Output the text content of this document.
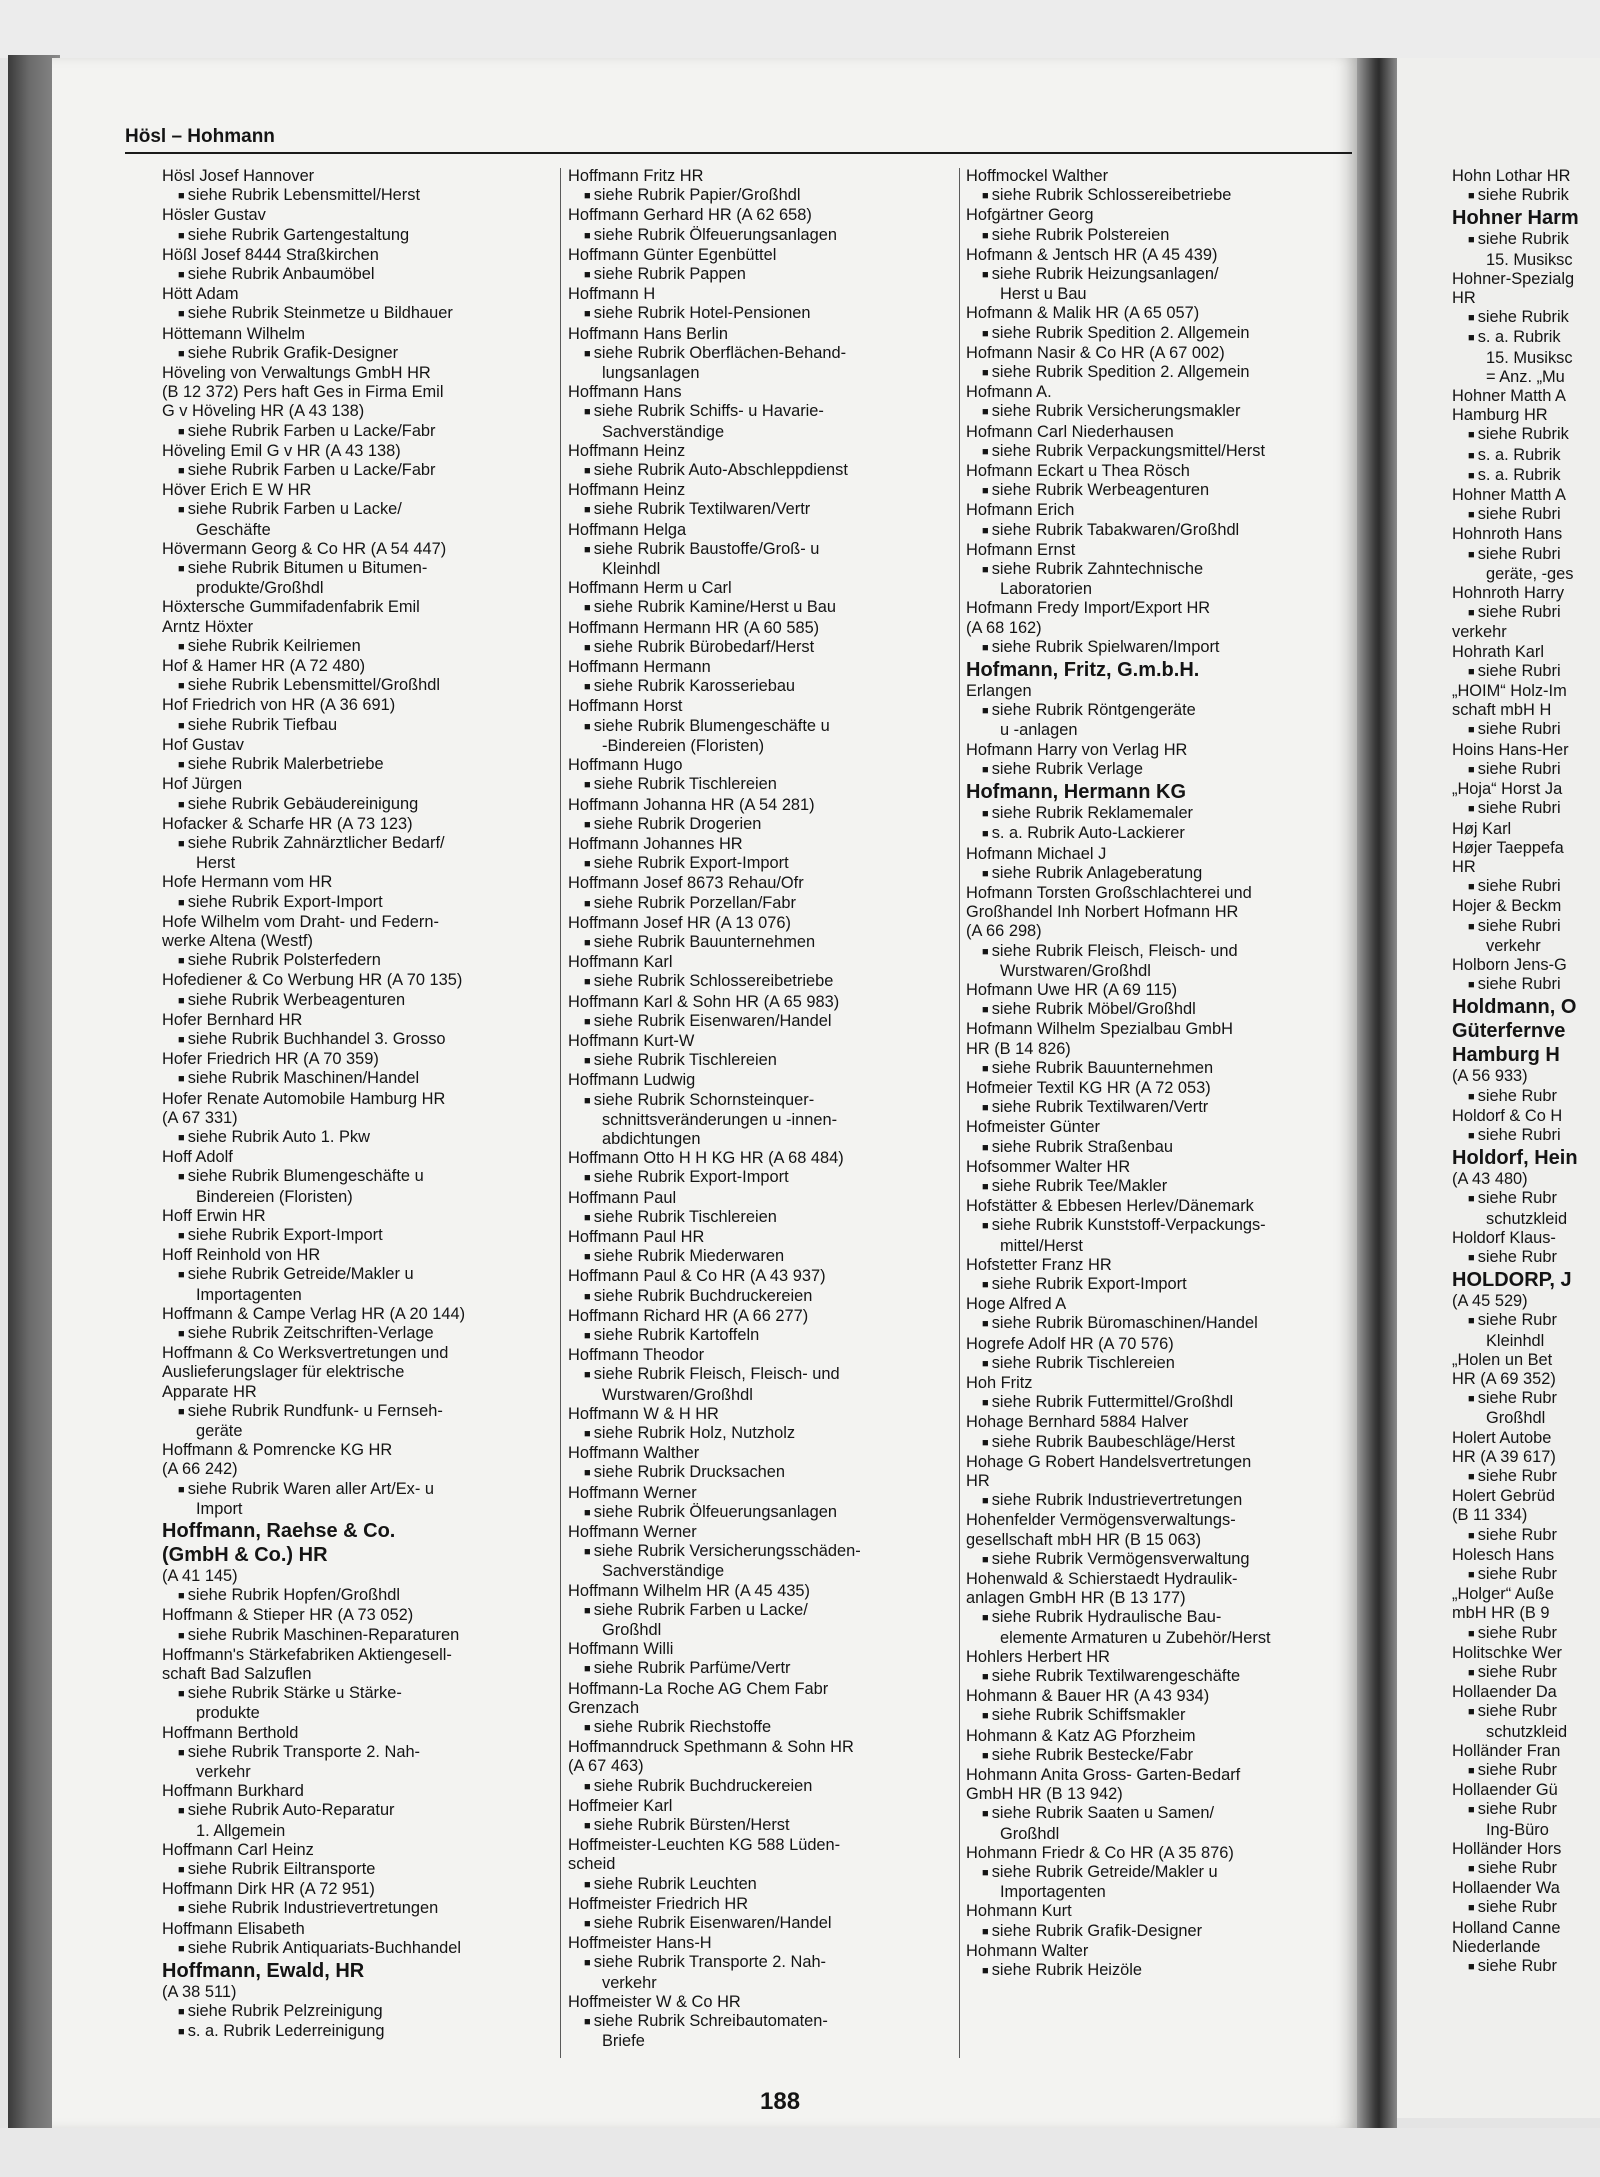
Hösl – Hohmann
Hösl Josef Hannover
■ siehe Rubrik Lebensmittel/Herst
Hösler Gustav
■ siehe Rubrik Gartengestaltung
Hößl Josef 8444 Straßkirchen
■ siehe Rubrik Anbaumöbel
Hött Adam
■ siehe Rubrik Steinmetze u Bildhauer
Höttemann Wilhelm
■ siehe Rubrik Grafik-Designer
Höveling von Verwaltungs GmbH HR
(B 12 372) Pers haft Ges in Firma Emil
G v Höveling HR (A 43 138)
■ siehe Rubrik Farben u Lacke/Fabr
Höveling Emil G v HR (A 43 138)
■ siehe Rubrik Farben u Lacke/Fabr
Höver Erich E W HR
■ siehe Rubrik Farben u Lacke/
Geschäfte
Hövermann Georg & Co HR (A 54 447)
■ siehe Rubrik Bitumen u Bitumen-
produkte/Großhdl
Höxtersche Gummifadenfabrik Emil
Arntz Höxter
■ siehe Rubrik Keilriemen
Hof & Hamer HR (A 72 480)
■ siehe Rubrik Lebensmittel/Großhdl
Hof Friedrich von HR (A 36 691)
■ siehe Rubrik Tiefbau
Hof Gustav
■ siehe Rubrik Malerbetriebe
Hof Jürgen
■ siehe Rubrik Gebäudereinigung
Hofacker & Scharfe HR (A 73 123)
■ siehe Rubrik Zahnärztlicher Bedarf/
Herst
Hofe Hermann vom HR
■ siehe Rubrik Export-Import
Hofe Wilhelm vom Draht- und Federn-
werke Altena (Westf)
■ siehe Rubrik Polsterfedern
Hofediener & Co Werbung HR (A 70 135)
■ siehe Rubrik Werbeagenturen
Hofer Bernhard HR
■ siehe Rubrik Buchhandel 3. Grosso
Hofer Friedrich HR (A 70 359)
■ siehe Rubrik Maschinen/Handel
Hofer Renate Automobile Hamburg HR
(A 67 331)
■ siehe Rubrik Auto 1. Pkw
Hoff Adolf
■ siehe Rubrik Blumengeschäfte u
Bindereien (Floristen)
Hoff Erwin HR
■ siehe Rubrik Export-Import
Hoff Reinhold von HR
■ siehe Rubrik Getreide/Makler u
Importagenten
Hoffmann & Campe Verlag HR (A 20 144)
■ siehe Rubrik Zeitschriften-Verlage
Hoffmann & Co Werksvertretungen und
Auslieferungslager für elektrische
Apparate HR
■ siehe Rubrik Rundfunk- u Fernseh-
geräte
Hoffmann & Pomrencke KG HR
(A 66 242)
■ siehe Rubrik Waren aller Art/Ex- u
Import
Hoffmann, Raehse & Co.
(GmbH & Co.) HR
(A 41 145)
■ siehe Rubrik Hopfen/Großhdl
Hoffmann & Stieper HR (A 73 052)
■ siehe Rubrik Maschinen-Reparaturen
Hoffmann's Stärkefabriken Aktiengesell-
schaft Bad Salzuflen
■ siehe Rubrik Stärke u Stärke-
produkte
Hoffmann Berthold
■ siehe Rubrik Transporte 2. Nah-
verkehr
Hoffmann Burkhard
■ siehe Rubrik Auto-Reparatur
1. Allgemein
Hoffmann Carl Heinz
■ siehe Rubrik Eiltransporte
Hoffmann Dirk HR (A 72 951)
■ siehe Rubrik Industrievertretungen
Hoffmann Elisabeth
■ siehe Rubrik Antiquariats-Buchhandel
Hoffmann, Ewald, HR
(A 38 511)
■ siehe Rubrik Pelzreinigung
■ s. a. Rubrik Lederreinigung
Hoffmann Fritz HR
■ siehe Rubrik Papier/Großhdl
Hoffmann Gerhard HR (A 62 658)
■ siehe Rubrik Ölfeuerungsanlagen
Hoffmann Günter Egenbüttel
■ siehe Rubrik Pappen
Hoffmann H
■ siehe Rubrik Hotel-Pensionen
Hoffmann Hans Berlin
■ siehe Rubrik Oberflächen-Behand-
lungsanlagen
Hoffmann Hans
■ siehe Rubrik Schiffs- u Havarie-
Sachverständige
Hoffmann Heinz
■ siehe Rubrik Auto-Abschleppdienst
Hoffmann Heinz
■ siehe Rubrik Textilwaren/Vertr
Hoffmann Helga
■ siehe Rubrik Baustoffe/Groß- u
Kleinhdl
Hoffmann Herm u Carl
■ siehe Rubrik Kamine/Herst u Bau
Hoffmann Hermann HR (A 60 585)
■ siehe Rubrik Bürobedarf/Herst
Hoffmann Hermann
■ siehe Rubrik Karosseriebau
Hoffmann Horst
■ siehe Rubrik Blumengeschäfte u
-Bindereien (Floristen)
Hoffmann Hugo
■ siehe Rubrik Tischlereien
Hoffmann Johanna HR (A 54 281)
■ siehe Rubrik Drogerien
Hoffmann Johannes HR
■ siehe Rubrik Export-Import
Hoffmann Josef 8673 Rehau/Ofr
■ siehe Rubrik Porzellan/Fabr
Hoffmann Josef HR (A 13 076)
■ siehe Rubrik Bauunternehmen
Hoffmann Karl
■ siehe Rubrik Schlossereibetriebe
Hoffmann Karl & Sohn HR (A 65 983)
■ siehe Rubrik Eisenwaren/Handel
Hoffmann Kurt-W
■ siehe Rubrik Tischlereien
Hoffmann Ludwig
■ siehe Rubrik Schornsteinquer-
schnittsveränderungen u -innen-
abdichtungen
Hoffmann Otto H H KG HR (A 68 484)
■ siehe Rubrik Export-Import
Hoffmann Paul
■ siehe Rubrik Tischlereien
Hoffmann Paul HR
■ siehe Rubrik Miederwaren
Hoffmann Paul & Co HR (A 43 937)
■ siehe Rubrik Buchdruckereien
Hoffmann Richard HR (A 66 277)
■ siehe Rubrik Kartoffeln
Hoffmann Theodor
■ siehe Rubrik Fleisch, Fleisch- und
Wurstwaren/Großhdl
Hoffmann W & H HR
■ siehe Rubrik Holz, Nutzholz
Hoffmann Walther
■ siehe Rubrik Drucksachen
Hoffmann Werner
■ siehe Rubrik Ölfeuerungsanlagen
Hoffmann Werner
■ siehe Rubrik Versicherungsschäden-
Sachverständige
Hoffmann Wilhelm HR (A 45 435)
■ siehe Rubrik Farben u Lacke/
Großhdl
Hoffmann Willi
■ siehe Rubrik Parfüme/Vertr
Hoffmann-La Roche AG Chem Fabr
Grenzach
■ siehe Rubrik Riechstoffe
Hoffmanndruck Spethmann & Sohn HR
(A 67 463)
■ siehe Rubrik Buchdruckereien
Hoffmeier Karl
■ siehe Rubrik Bürsten/Herst
Hoffmeister-Leuchten KG 588 Lüden-
scheid
■ siehe Rubrik Leuchten
Hoffmeister Friedrich HR
■ siehe Rubrik Eisenwaren/Handel
Hoffmeister Hans-H
■ siehe Rubrik Transporte 2. Nah-
verkehr
Hoffmeister W & Co HR
■ siehe Rubrik Schreibautomaten-
Briefe
Hoffmockel Walther
■ siehe Rubrik Schlossereibetriebe
Hofgärtner Georg
■ siehe Rubrik Polstereien
Hofmann & Jentsch HR (A 45 439)
■ siehe Rubrik Heizungsanlagen/
Herst u Bau
Hofmann & Malik HR (A 65 057)
■ siehe Rubrik Spedition 2. Allgemein
Hofmann Nasir & Co HR (A 67 002)
■ siehe Rubrik Spedition 2. Allgemein
Hofmann A.
■ siehe Rubrik Versicherungsmakler
Hofmann Carl Niederhausen
■ siehe Rubrik Verpackungsmittel/Herst
Hofmann Eckart u Thea Rösch
■ siehe Rubrik Werbeagenturen
Hofmann Erich
■ siehe Rubrik Tabakwaren/Großhdl
Hofmann Ernst
■ siehe Rubrik Zahntechnische
Laboratorien
Hofmann Fredy Import/Export HR
(A 68 162)
■ siehe Rubrik Spielwaren/Import
Hofmann, Fritz, G.m.b.H.
Erlangen
■ siehe Rubrik Röntgengeräte
u -anlagen
Hofmann Harry von Verlag HR
■ siehe Rubrik Verlage
Hofmann, Hermann KG
■ siehe Rubrik Reklamemaler
■ s. a. Rubrik Auto-Lackierer
Hofmann Michael J
■ siehe Rubrik Anlageberatung
Hofmann Torsten Großschlachterei und
Großhandel Inh Norbert Hofmann HR
(A 66 298)
■ siehe Rubrik Fleisch, Fleisch- und
Wurstwaren/Großhdl
Hofmann Uwe HR (A 69 115)
■ siehe Rubrik Möbel/Großhdl
Hofmann Wilhelm Spezialbau GmbH
HR (B 14 826)
■ siehe Rubrik Bauunternehmen
Hofmeier Textil KG HR (A 72 053)
■ siehe Rubrik Textilwaren/Vertr
Hofmeister Günter
■ siehe Rubrik Straßenbau
Hofsommer Walter HR
■ siehe Rubrik Tee/Makler
Hofstätter & Ebbesen Herlev/Dänemark
■ siehe Rubrik Kunststoff-Verpackungs-
mittel/Herst
Hofstetter Franz HR
■ siehe Rubrik Export-Import
Hoge Alfred A
■ siehe Rubrik Büromaschinen/Handel
Hogrefe Adolf HR (A 70 576)
■ siehe Rubrik Tischlereien
Hoh Fritz
■ siehe Rubrik Futtermittel/Großhdl
Hohage Bernhard 5884 Halver
■ siehe Rubrik Baubeschläge/Herst
Hohage G Robert Handelsvertretungen
HR
■ siehe Rubrik Industrievertretungen
Hohenfelder Vermögensverwaltungs-
gesellschaft mbH HR (B 15 063)
■ siehe Rubrik Vermögensverwaltung
Hohenwald & Schierstaedt Hydraulik-
anlagen GmbH HR (B 13 177)
■ siehe Rubrik Hydraulische Bau-
elemente Armaturen u Zubehör/Herst
Hohlers Herbert HR
■ siehe Rubrik Textilwarengeschäfte
Hohmann & Bauer HR (A 43 934)
■ siehe Rubrik Schiffsmakler
Hohmann & Katz AG Pforzheim
■ siehe Rubrik Bestecke/Fabr
Hohmann Anita Gross- Garten-Bedarf
GmbH HR (B 13 942)
■ siehe Rubrik Saaten u Samen/
Großhdl
Hohmann Friedr & Co HR (A 35 876)
■ siehe Rubrik Getreide/Makler u
Importagenten
Hohmann Kurt
■ siehe Rubrik Grafik-Designer
Hohmann Walter
■ siehe Rubrik Heizöle
Hohn Lothar HR
■ siehe Rubrik
Hohner Harm
■ siehe Rubrik
15. Musiksc
Hohner-Spezialg
HR
■ siehe Rubrik
■ s. a. Rubrik
15. Musiksc
= Anz. „Mu
Hohner Matth A
Hamburg HR
■ siehe Rubrik
■ s. a. Rubrik
■ s. a. Rubrik
Hohner Matth A
■ siehe Rubri
Hohnroth Hans
■ siehe Rubri
geräte, -ges
Hohnroth Harry
■ siehe Rubri
verkehr
Hohrath Karl
■ siehe Rubri
„HOIM“ Holz-Im
schaft mbH H
■ siehe Rubri
Hoins Hans-Her
■ siehe Rubri
„Hoja“ Horst Ja
■ siehe Rubri
Høj Karl
Højer Taeppefa
HR
■ siehe Rubri
Hojer & Beckm
■ siehe Rubri
verkehr
Holborn Jens-G
■ siehe Rubri
Holdmann, O
Güterfernve
Hamburg H
(A 56 933)
■ siehe Rubr
Holdorf & Co H
■ siehe Rubri
Holdorf, Hein
(A 43 480)
■ siehe Rubr
schutzkleid
Holdorf Klaus-
■ siehe Rubr
HOLDORP, J
(A 45 529)
■ siehe Rubr
Kleinhdl
„Holen un Bet
HR (A 69 352)
■ siehe Rubr
Großhdl
Holert Autobe
HR (A 39 617)
■ siehe Rubr
Holert Gebrüd
(B 11 334)
■ siehe Rubr
Holesch Hans
■ siehe Rubr
„Holger“ Auße
mbH HR (B 9
■ siehe Rubr
Holitschke Wer
■ siehe Rubr
Hollaender Da
■ siehe Rubr
schutzkleid
Holländer Fran
■ siehe Rubr
Hollaender Gü
■ siehe Rubr
Ing-Büro
Holländer Hors
■ siehe Rubr
Hollaender Wa
■ siehe Rubr
Holland Canne
Niederlande
■ siehe Rubr
188
